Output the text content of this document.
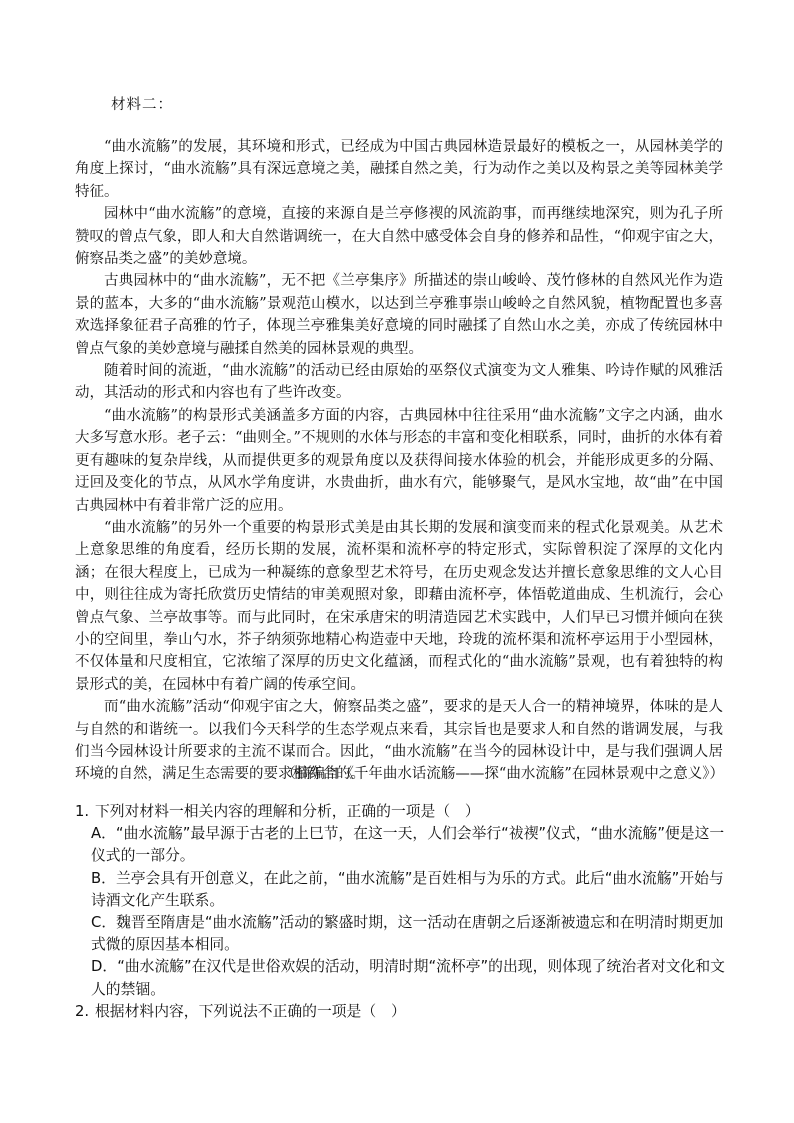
材料二：

“曲水流觞”的发展，其环境和形式，已经成为中国古典园林造景最好的模板之一，从园林美学的角度上探讨，“曲水流觞”具有深远意境之美，融揉自然之美，行为动作之美以及构景之美等园林美学特征。

园林中“曲水流觞”的意境，直接的来源自是兰亭修禊的风流韵事，而再继续地深究，则为孔子所赞叹的曾点气象，即人和大自然谐调统一，在大自然中感受体会自身的修养和品性，“仰观宇宙之大，俯察品类之盛”的美妙意境。

古典园林中的“曲水流觞”，无不把《兰亭集序》所描述的崇山峻岭、茂竹修林的自然风光作为造景的蓝本，大多的“曲水流觞”景观范山模水，以达到兰亭雅事崇山峻岭之自然风貌，植物配置也多喜欢选择象征君子高雅的竹子，体现兰亭雅集美好意境的同时融揉了自然山水之美，亦成了传统园林中曾点气象的美妙意境与融揉自然美的园林景观的典型。

随着时间的流逝，“曲水流觞”的活动已经由原始的巫祭仪式演变为文人雅集、吟诗作赋的风雅活动，其活动的形式和内容也有了些许改变。

“曲水流觞”的构景形式美涵盖多方面的内容，古典园林中往往采用“曲水流觞”文字之内涵，曲水大多写意水形。老子云：“曲则全。”不规则的水体与形态的丰富和变化相联系，同时，曲折的水体有着更有趣味的复杂岸线，从而提供更多的观景角度以及获得间接水体验的机会，并能形成更多的分隔、迂回及变化的节点，从风水学角度讲，水贵曲折，曲水有穴，能够聚气，是风水宝地，故“曲”在中国古典园林中有着非常广泛的应用。

“曲水流觞”的另外一个重要的构景形式美是由其长期的发展和演变而来的程式化景观美。从艺术上意象思维的角度看，经历长期的发展，流杯渠和流杯亭的特定形式，实际曾积淀了深厚的文化内涵；在很大程度上，已成为一种凝练的意象型艺术符号，在历史观念发达并擅长意象思维的文人心目中，则往往成为寄托欣赏历史情结的审美观照对象，即藉由流杯亭，体悟乾道曲成、生机流行，会心曾点气象、兰亭故事等。而与此同时，在宋承唐宋的明清造园艺术实践中，人们早已习惯并倾向在狭小的空间里，拳山勺水，芥子纳须弥地精心构造壶中天地，玲珑的流杯渠和流杯亭运用于小型园林，不仅体量和尺度相宜，它浓缩了深厚的历史文化蕴涵，而程式化的“曲水流觞”景观，也有着独特的构景形式的美，在园林中有着广阔的传承空间。

而“曲水流觞”活动“仰观宇宙之大，俯察品类之盛”，要求的是天人合一的精神境界，体味的是人与自然的和谐统一。以我们今天科学的生态学观点来看，其宗旨也是要求人和自然的谐调发展，与我们当今园林设计所要求的主流不谋而合。因此，“曲水流觞”在当今的园林设计中，是与我们强调人居环境的自然，满足生态需要的要求相符合的。

（摘编自《千年曲水话流觞——探“曲水流觞”在园林景观中之意义》）

1. 下列对材料一相关内容的理解和分析，正确的一项是（　）

A．“曲水流觞”最早源于古老的上巳节，在这一天，人们会举行“祓禊”仪式，“曲水流觞”便是这一仪式的一部分。

B．兰亭会具有开创意义，在此之前，“曲水流觞”是百姓相与为乐的方式。此后“曲水流觞”开始与诗酒文化产生联系。

C．魏晋至隋唐是“曲水流觞”活动的繁盛时期，这一活动在唐朝之后逐渐被遗忘和在明清时期更加式微的原因基本相同。

D．“曲水流觞”在汉代是世俗欢娱的活动，明清时期“流杯亭”的出现，则体现了统治者对文化和文人的禁锢。

2. 根据材料内容，下列说法不正确的一项是（　）
